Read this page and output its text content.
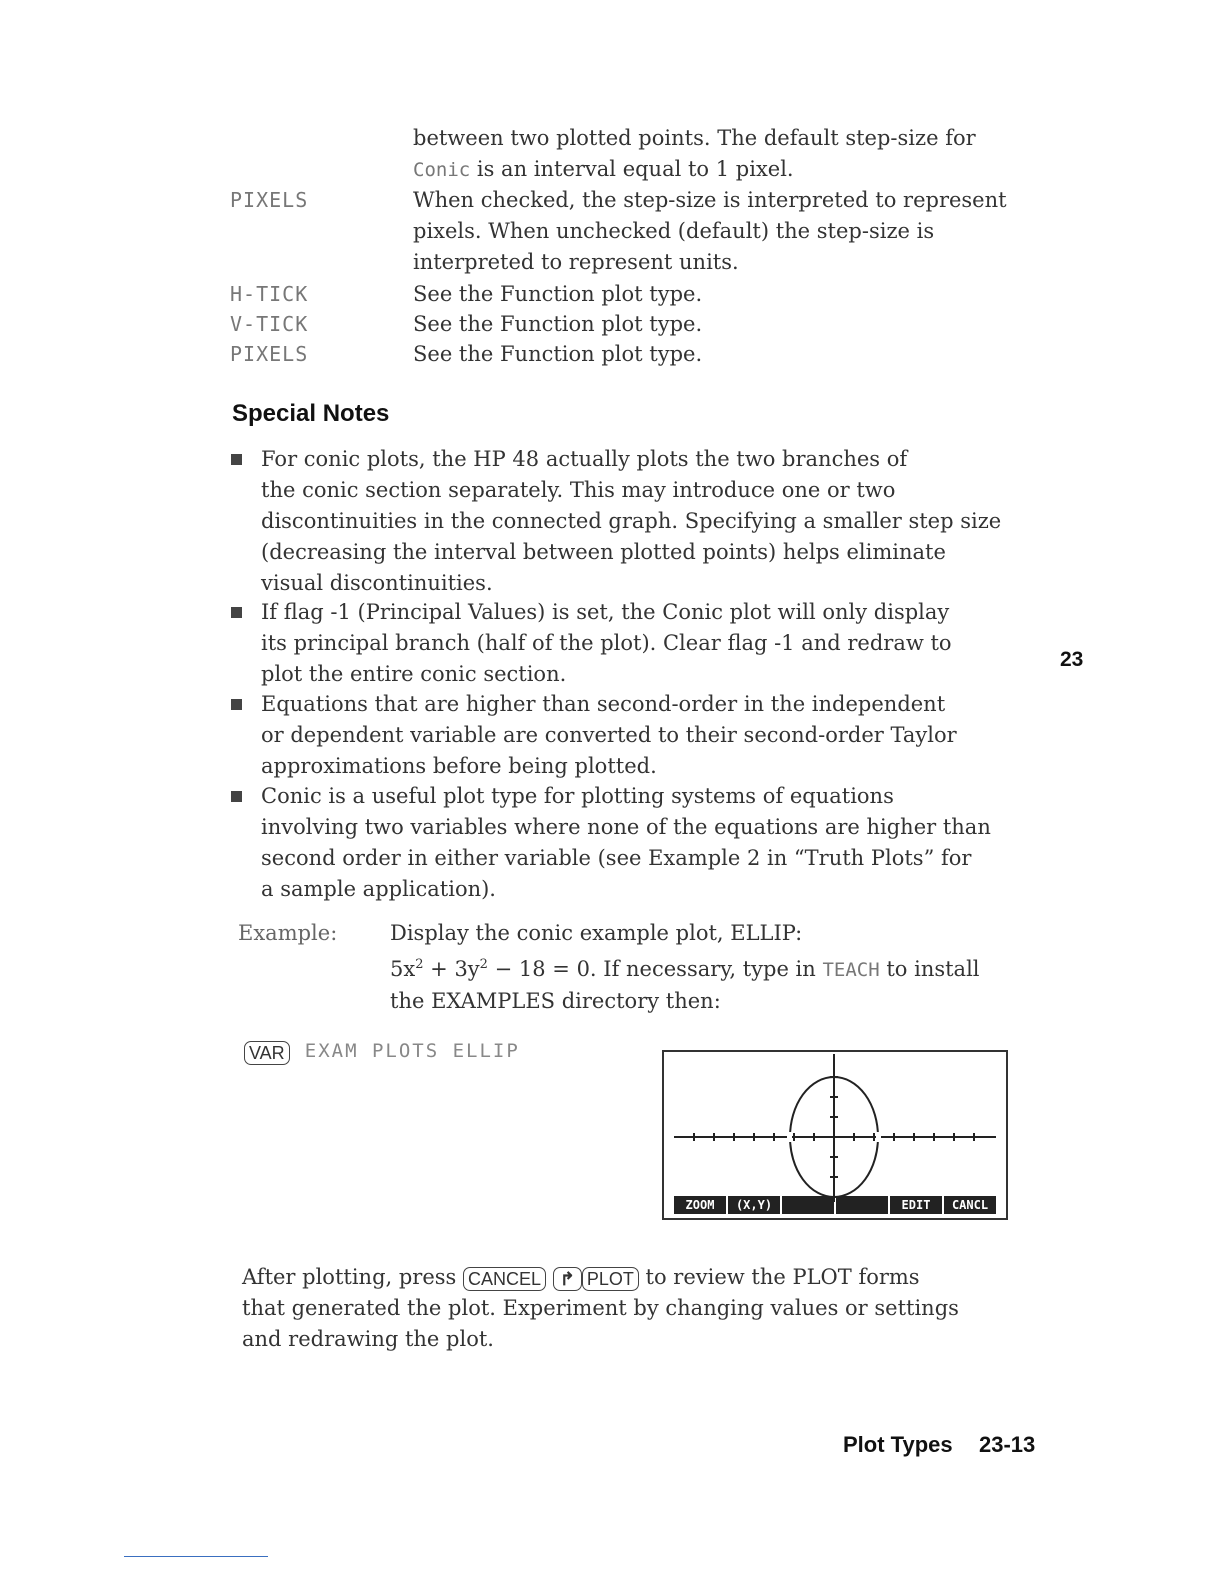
between two plotted points. The default step-size for
Conic is an interval equal to 1 pixel.
PIXELS	When checked, the step-size is interpreted to represent
pixels. When unchecked (default) the step-size is
interpreted to represent units.
H-TICK	See the Function plot type.
V-TICK	See the Function plot type.
PIXELS	See the Function plot type.
Special Notes
For conic plots, the HP 48 actually plots the two branches of
the conic section separately. This may introduce one or two
discontinuities in the connected graph. Specifying a smaller step size
(decreasing the interval between plotted points) helps eliminate
visual discontinuities.
If flag -1 (Principal Values) is set, the Conic plot will only display
its principal branch (half of the plot). Clear flag -1 and redraw to
plot the entire conic section.
Equations that are higher than second-order in the independent
or dependent variable are converted to their second-order Taylor
approximations before being plotted.
Conic is a useful plot type for plotting systems of equations
involving two variables where none of the equations are higher than
second order in either variable (see Example 2 in “Truth Plots” for
a sample application).
23
Example:	Display the conic example plot, ELLIP:
$5x^2 + 3y^2 - 18 = 0$. If necessary, type in TEACH to install
the EXAMPLES directory then:
VAR EXAM PLOTS ELLIP
ZOOM	(X,Y)	EDIT	CANCL
After plotting, press CANCEL ↱ PLOT to review the PLOT forms
that generated the plot. Experiment by changing values or settings
and redrawing the plot.
Plot Types 23-13
